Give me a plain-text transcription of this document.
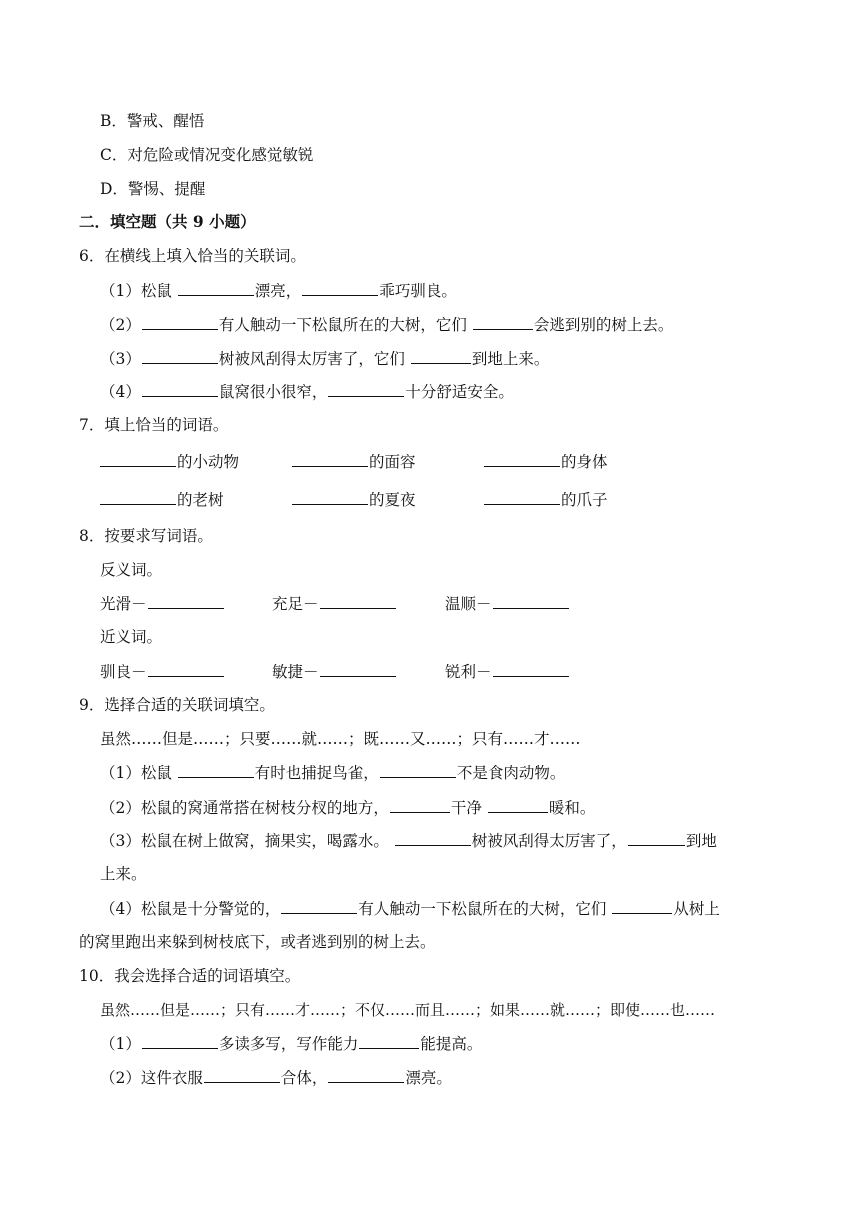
B．警戒、醒悟
C．对危险或情况变化感觉敏锐
D．警惕、提醒
二．填空题（共 9 小题）
6．在横线上填入恰当的关联词。
（1）松鼠	漂亮，	乖巧驯良。
（2）	有人触动一下松鼠所在的大树，它们	会逃到别的树上去。
（3）	树被风刮得太厉害了，它们	到地上来。
（4）	鼠窝很小很窄，	十分舒适安全。
7．填上恰当的词语。
的小动物	的面容	的身体
的老树	的夏夜	的爪子
8．按要求写词语。
反义词。
光滑－	充足－	温顺－
近义词。
驯良－	敏捷－	锐利－
9．选择合适的关联词填空。
虽然……但是……；只要……就……；既……又……；只有……才……
（1）松鼠	有时也捕捉鸟雀，	不是食肉动物。
（2）松鼠的窝通常搭在树枝分杈的地方，	干净	暖和。
（3）松鼠在树上做窝，摘果实，喝露水。	树被风刮得太厉害了，	到地
上来。
（4）松鼠是十分警觉的，	有人触动一下松鼠所在的大树，它们	从树上
的窝里跑出来躲到树枝底下，或者逃到别的树上去。
10．我会选择合适的词语填空。
虽然……但是……；只有……才……；不仅……而且……；如果……就……；即使……也……
（1）	多读多写，写作能力	能提高。
（2）这件衣服	合体，	漂亮。
